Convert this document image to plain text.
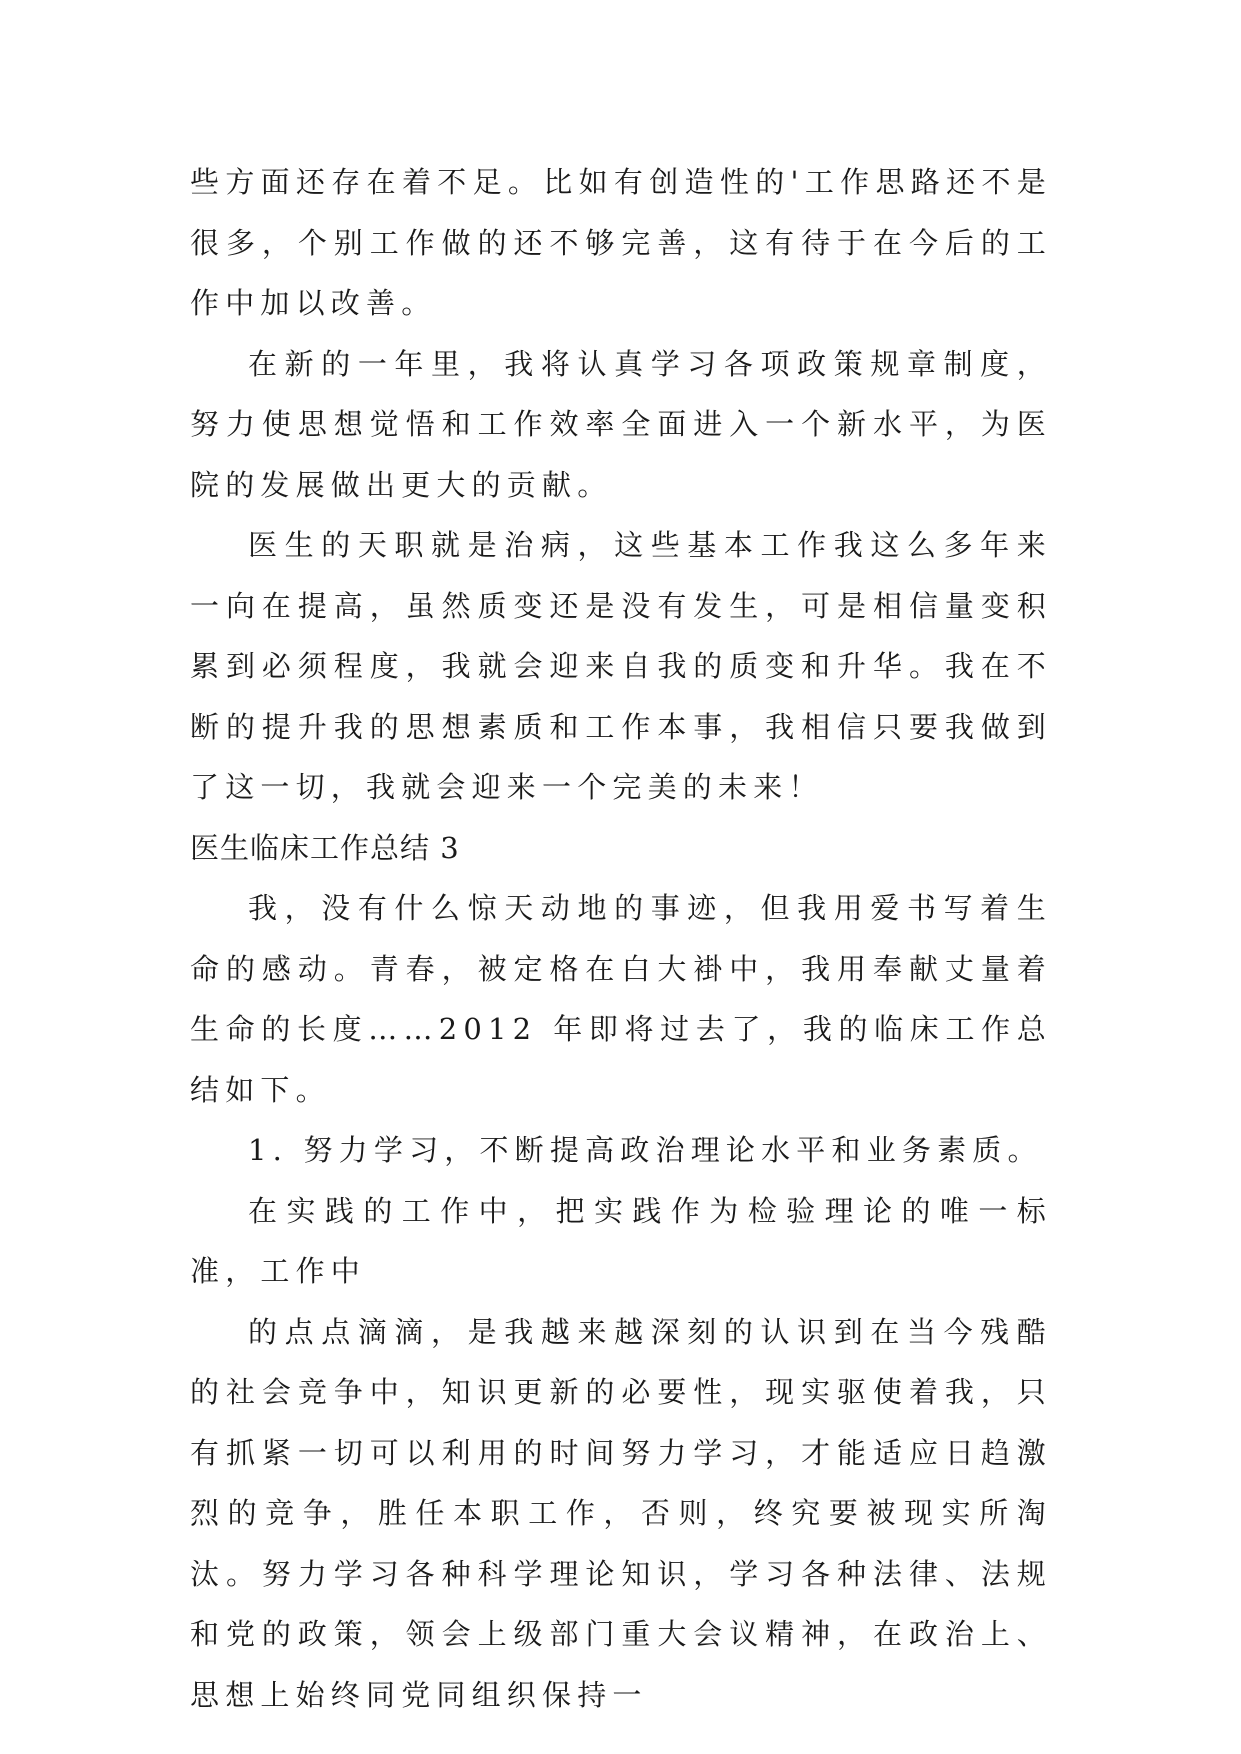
些方面还存在着不足。比如有创造性的'工作思路还不是很多，个别工作做的还不够完善，这有待于在今后的工作中加以改善。

在新的一年里，我将认真学习各项政策规章制度，努力使思想觉悟和工作效率全面进入一个新水平，为医院的发展做出更大的贡献。

医生的天职就是治病，这些基本工作我这么多年来一向在提高，虽然质变还是没有发生，可是相信量变积累到必须程度，我就会迎来自我的质变和升华。我在不断的提升我的思想素质和工作本事，我相信只要我做到了这一切，我就会迎来一个完美的未来！

医生临床工作总结 3

我，没有什么惊天动地的事迹，但我用爱书写着生命的感动。青春，被定格在白大褂中，我用奉献丈量着生命的长度……2012 年即将过去了，我的临床工作总结如下。

1. 努力学习，不断提高政治理论水平和业务素质。

在实践的工作中，把实践作为检验理论的唯一标准，工作中

的点点滴滴，是我越来越深刻的认识到在当今残酷的社会竞争中，知识更新的必要性，现实驱使着我，只有抓紧一切可以利用的时间努力学习，才能适应日趋激烈的竞争，胜任本职工作，否则，终究要被现实所淘汰。努力学习各种科学理论知识，学习各种法律、法规和党的政策，领会上级部门重大会议精神，在政治上、思想上始终同党同组织保持一
